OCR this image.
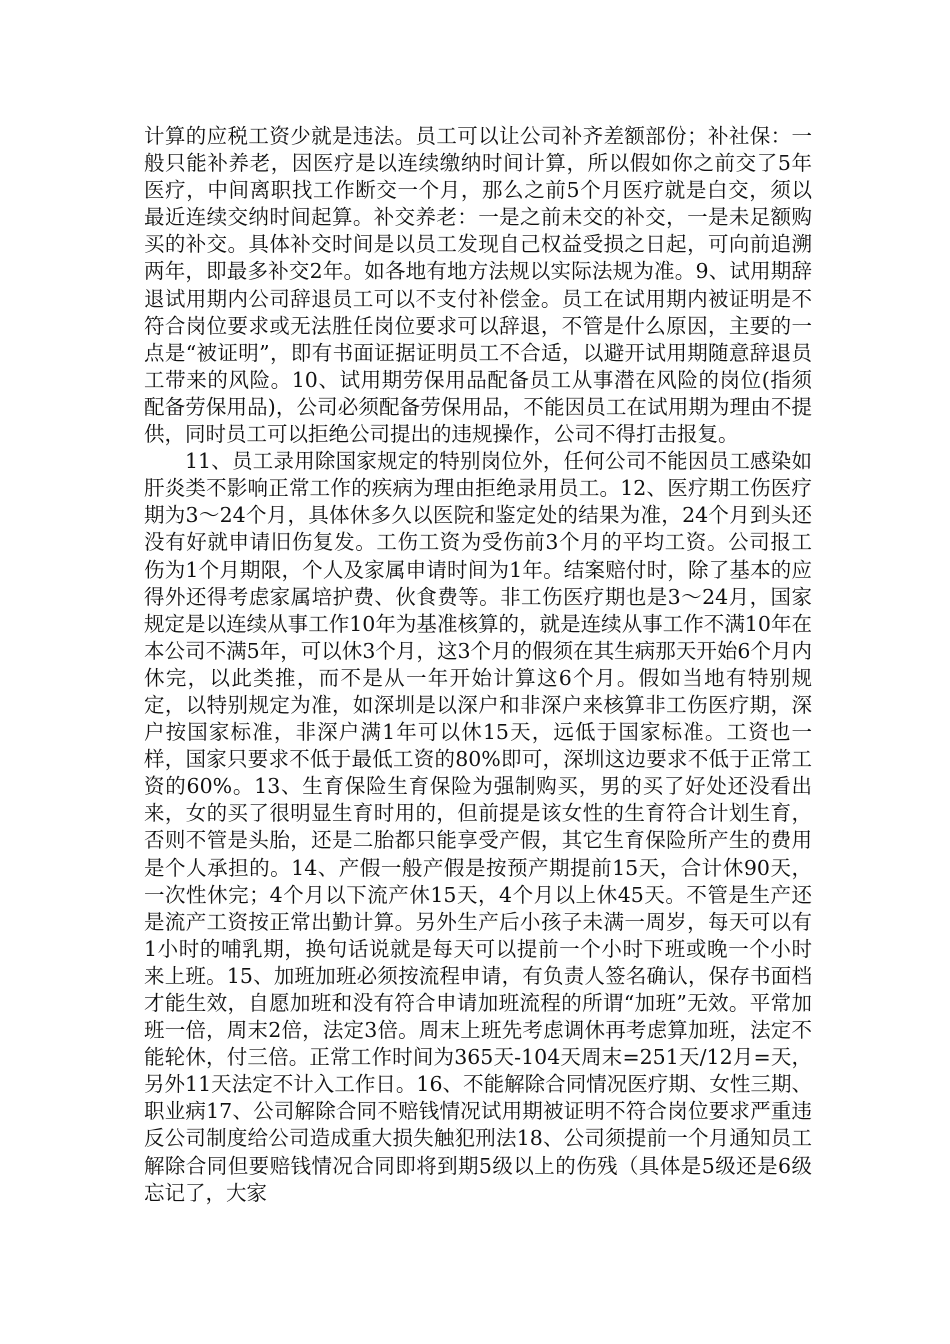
计算的应税工资少就是违法。员工可以让公司补齐差额部份；补社保：一般只能补养老，因医疗是以连续缴纳时间计算，所以假如你之前交了5年医疗，中间离职找工作断交一个月，那么之前5个月医疗就是白交，须以最近连续交纳时间起算。补交养老：一是之前未交的补交，一是未足额购买的补交。具体补交时间是以员工发现自己权益受损之日起，可向前追溯两年，即最多补交2年。如各地有地方法规以实际法规为准。9、试用期辞退试用期内公司辞退员工可以不支付补偿金。员工在试用期内被证明是不符合岗位要求或无法胜任岗位要求可以辞退，不管是什么原因，主要的一点是“被证明”，即有书面证据证明员工不合适，以避开试用期随意辞退员工带来的风险。10、试用期劳保用品配备员工从事潜在风险的岗位(指须配备劳保用品)，公司必须配备劳保用品，不能因员工在试用期为理由不提供，同时员工可以拒绝公司提出的违规操作，公司不得打击报复。

11、员工录用除国家规定的特别岗位外，任何公司不能因员工感染如肝炎类不影响正常工作的疾病为理由拒绝录用员工。12、医疗期工伤医疗期为3～24个月，具体休多久以医院和鉴定处的结果为准，24个月到头还没有好就申请旧伤复发。工伤工资为受伤前3个月的平均工资。公司报工伤为1个月期限，个人及家属申请时间为1年。结案赔付时，除了基本的应得外还得考虑家属培护费、伙食费等。非工伤医疗期也是3～24月，国家规定是以连续从事工作10年为基准核算的，就是连续从事工作不满10年在本公司不满5年，可以休3个月，这3个月的假须在其生病那天开始6个月内休完，以此类推，而不是从一年开始计算这6个月。假如当地有特别规定，以特别规定为准，如深圳是以深户和非深户来核算非工伤医疗期，深户按国家标准，非深户满1年可以休15天，远低于国家标准。工资也一样，国家只要求不低于最低工资的80%即可，深圳这边要求不低于正常工资的60%。13、生育保险生育保险为强制购买，男的买了好处还没看出来，女的买了很明显生育时用的，但前提是该女性的生育符合计划生育，否则不管是头胎，还是二胎都只能享受产假，其它生育保险所产生的费用是个人承担的。14、产假一般产假是按预产期提前15天，合计休90天，一次性休完；4个月以下流产休15天，4个月以上休45天。不管是生产还是流产工资按正常出勤计算。另外生产后小孩子未满一周岁，每天可以有1小时的哺乳期，换句话说就是每天可以提前一个小时下班或晚一个小时来上班。15、加班加班必须按流程申请，有负责人签名确认，保存书面档才能生效，自愿加班和没有符合申请加班流程的所谓“加班”无效。平常加班一倍，周末2倍，法定3倍。周末上班先考虑调休再考虑算加班，法定不能轮休，付三倍。正常工作时间为365天-104天周末=251天/12月=天，另外11天法定不计入工作日。16、不能解除合同情况医疗期、女性三期、职业病17、公司解除合同不赔钱情况试用期被证明不符合岗位要求严重违反公司制度给公司造成重大损失触犯刑法18、公司须提前一个月通知员工解除合同但要赔钱情况合同即将到期5级以上的伤残（具体是5级还是6级忘记了，大家
